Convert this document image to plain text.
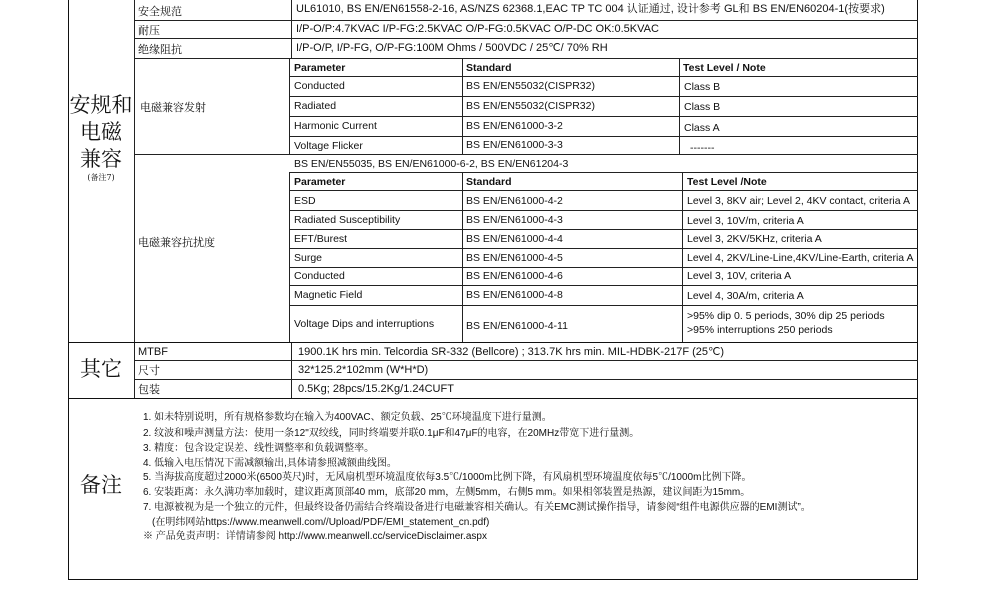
安规和
电磁
兼容
(备注7)
安全规范	UL61010, BS EN/EN61558-2-16, AS/NZS 62368.1,EAC TP TC 004 认证通过, 设计参考 GL和 BS EN/EN60204-1(按要求)
耐压	I/P-O/P:4.7KVAC I/P-FG:2.5KVAC O/P-FG:0.5KVAC O/P-DC OK:0.5KVAC
绝缘阻抗	I/P-O/P, I/P-FG, O/P-FG:100M Ohms / 500VDC / 25℃/ 70% RH
电磁兼容发射
Parameter	Standard	Test Level / Note
Conducted	BS EN/EN55032(CISPR32)	Class B
Radiated	BS EN/EN55032(CISPR32)	Class B
Harmonic Current	BS EN/EN61000-3-2	Class A
Voltage Flicker	BS EN/EN61000-3-3	-------
电磁兼容抗扰度
BS EN/EN55035, BS EN/EN61000-6-2, BS EN/EN61204-3
Parameter	Standard	Test Level /Note
ESD	BS EN/EN61000-4-2	Level 3, 8KV air; Level 2, 4KV contact, criteria A
Radiated Susceptibility	BS EN/EN61000-4-3	Level 3, 10V/m, criteria A
EFT/Burest	BS EN/EN61000-4-4	Level 3, 2KV/5KHz, criteria A
Surge	BS EN/EN61000-4-5	Level 4, 2KV/Line-Line,4KV/Line-Earth, criteria A
Conducted	BS EN/EN61000-4-6	Level 3, 10V, criteria A
Magnetic Field	BS EN/EN61000-4-8	Level 4, 30A/m, criteria A
Voltage Dips and interruptions	BS EN/EN61000-4-11
>95% dip 0. 5 periods, 30% dip 25 periods
>95% interruptions 250 periods
其它
MTBF	1900.1K hrs min. Telcordia SR-332 (Bellcore) ; 313.7K hrs min. MIL-HDBK-217F (25℃)
尺寸	32*125.2*102mm (W*H*D)
包装	0.5Kg; 28pcs/15.2Kg/1.24CUFT
备注
1. 如未特别说明，所有规格参数均在输入为400VAC、额定负载、25℃环境温度下进行量测。
2. 纹波和噪声测量方法：使用一条12"双绞线，同时终端要并联0.1μF和47μF的电容，在20MHz带宽下进行量测。
3. 精度：包含设定误差、线性调整率和负载调整率。
4. 低输入电压情况下需减额输出,具体请参照减额曲线图。
5. 当海拔高度超过2000米(6500英尺)时，无风扇机型环境温度依每3.5℃/1000m比例下降，有风扇机型环境温度依每5℃/1000m比例下降。
6. 安装距离：永久满功率加载时，建议距离顶部40 mm，底部20 mm，左侧5mm，右侧5 mm。如果相邻装置是热源，建议间距为15mm。
7. 电源被视为是一个独立的元件，但最终设备仍需结合终端设备进行电磁兼容相关确认。有关EMC测试操作指导，请参阅“组件电源供应器的EMI测试”。
(在明纬网站https://www.meanwell.com//Upload/PDF/EMI_statement_cn.pdf)
※ 产品免责声明：详情请参阅 http://www.meanwell.cc/serviceDisclaimer.aspx
